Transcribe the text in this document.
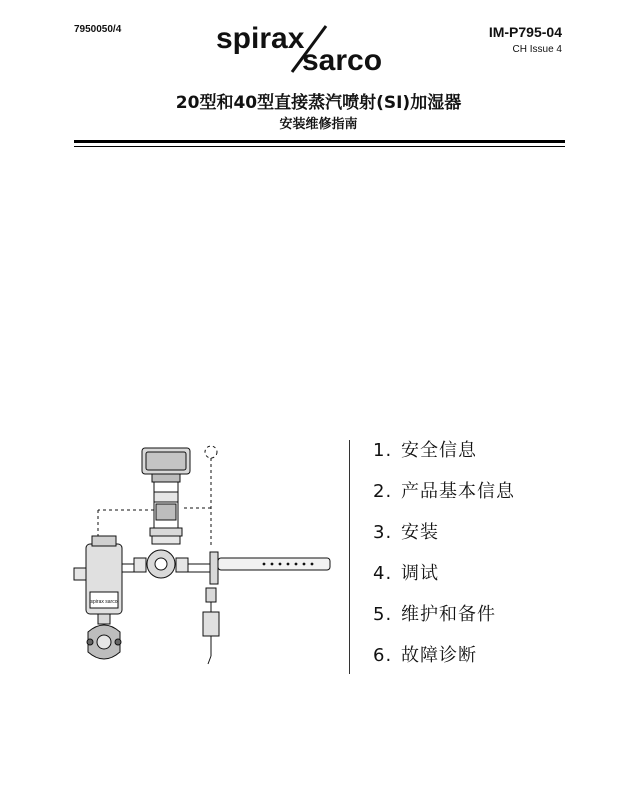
7950050/4	spirax
sarco
IM-P795-04
CH Issue 4
20型和40型直接蒸汽喷射(SI)加湿器
安装维修指南
spirax sarco
1. 安全信息
2. 产品基本信息
3. 安装
4. 调试
5. 维护和备件
6. 故障诊断
